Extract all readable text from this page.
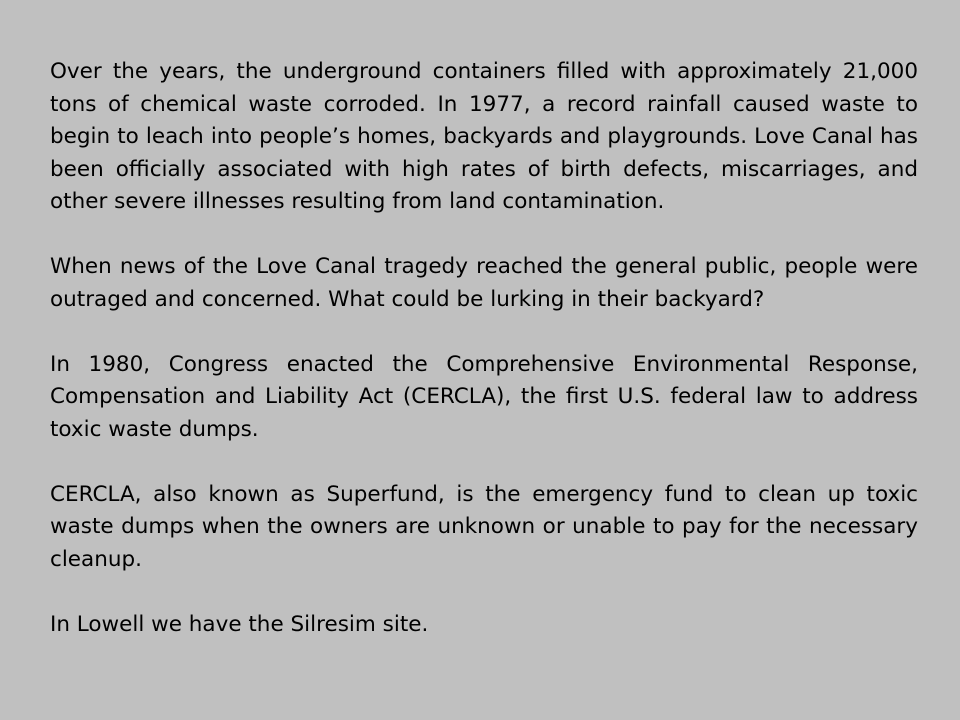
Over the years, the underground containers filled with approximately 21,000 tons of chemical waste corroded. In 1977, a record rainfall caused waste to begin to leach into people’s homes, backyards and playgrounds. Love Canal has been officially associated with high rates of birth defects, miscarriages, and other severe illnesses resulting from land contamination.

When news of the Love Canal tragedy reached the general public, people were outraged and concerned. What could be lurking in their backyard?

In 1980, Congress enacted the Comprehensive Environmental Response, Compensation and Liability Act (CERCLA), the first U.S. federal law to address toxic waste dumps.

CERCLA, also known as Superfund, is the emergency fund to clean up toxic waste dumps when the owners are unknown or unable to pay for the necessary cleanup.

In Lowell we have the Silresim site.
